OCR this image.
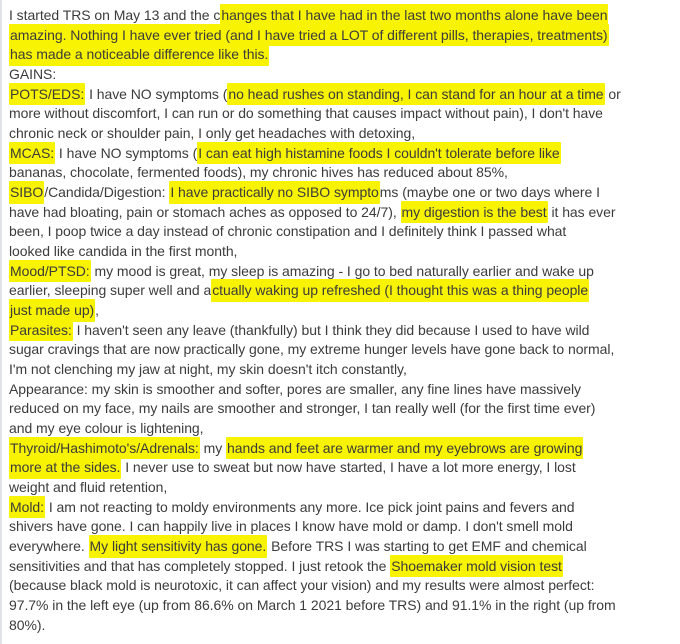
I started TRS on May 13 and the changes that I have had in the last two months alone have been
amazing. Nothing I have ever tried (and I have tried a LOT of different pills, therapies, treatments)
has made a noticeable difference like this.
GAINS:
POTS/EDS: I have NO symptoms (no head rushes on standing, I can stand for an hour at a time or
more without discomfort, I can run or do something that causes impact without pain), I don't have
chronic neck or shoulder pain, I only get headaches with detoxing,
MCAS: I have NO symptoms (I can eat high histamine foods I couldn't tolerate before like
bananas, chocolate, fermented foods), my chronic hives has reduced about 85%,
SIBO/Candida/Digestion: I have practically no SIBO symptoms (maybe one or two days where I
have had bloating, pain or stomach aches as opposed to 24/7), my digestion is the best it has ever
been, I poop twice a day instead of chronic constipation and I definitely think I passed what
looked like candida in the first month,
Mood/PTSD: my mood is great, my sleep is amazing - I go to bed naturally earlier and wake up
earlier, sleeping super well and actually waking up refreshed (I thought this was a thing people
just made up),
Parasites: I haven't seen any leave (thankfully) but I think they did because I used to have wild
sugar cravings that are now practically gone, my extreme hunger levels have gone back to normal,
I'm not clenching my jaw at night, my skin doesn't itch constantly,
Appearance: my skin is smoother and softer, pores are smaller, any fine lines have massively
reduced on my face, my nails are smoother and stronger, I tan really well (for the first time ever)
and my eye colour is lightening,
Thyroid/Hashimoto's/Adrenals: my hands and feet are warmer and my eyebrows are growing
more at the sides. I never use to sweat but now have started, I have a lot more energy, I lost
weight and fluid retention,
Mold: I am not reacting to moldy environments any more. Ice pick joint pains and fevers and
shivers have gone. I can happily live in places I know have mold or damp. I don't smell mold
everywhere. My light sensitivity has gone. Before TRS I was starting to get EMF and chemical
sensitivities and that has completely stopped. I just retook the Shoemaker mold vision test
(because black mold is neurotoxic, it can affect your vision) and my results were almost perfect:
97.7% in the left eye (up from 86.6% on March 1 2021 before TRS) and 91.1% in the right (up from
80%).
